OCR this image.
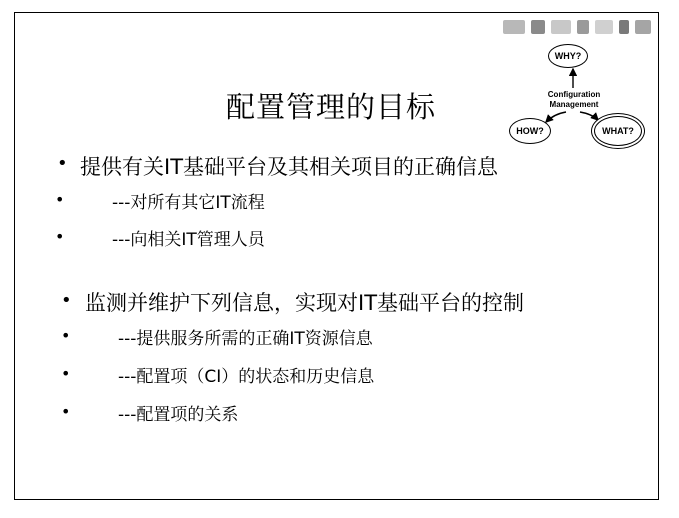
WHY?
Configuration Management
HOW?	WHAT?
配置管理的目标
• 提供有关IT基础平台及其相关项目的正确信息
•	---对所有其它IT流程
•	---向相关IT管理人员
• 监测并维护下列信息，实现对IT基础平台的控制
•	---提供服务所需的正确IT资源信息
•	---配置项（CI）的状态和历史信息
•	---配置项的关系
